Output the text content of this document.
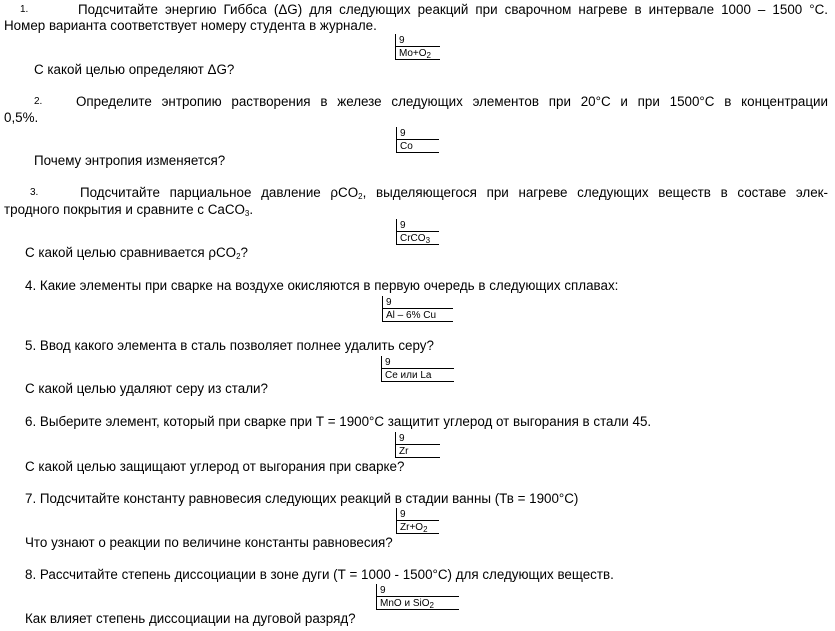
1.	Подсчитайте энергию Гиббса (ΔG) для следующих реакций при сварочном нагреве в интервале 1000 – 1500 °С.
Номер варианта соответствует номеру студента в журнале.
9
$Mo+O_2$
С какой целью определяют ΔG?
2.	Определите энтропию растворения в железе следующих элементов при 20°С и при 1500°С в концентрации
0,5%.
9
Co
Почему энтропия изменяется?
3.	Подсчитайте парциальное давление ρCO$_2$, выделяющегося при нагреве следующих веществ в составе элек-
тродного покрытия и сравните с CaCO$_3$.
9
CrCO$_3$
С какой целью сравнивается ρCO$_2$?
4. Какие элементы при сварке на воздухе окисляются в первую очередь в следующих сплавах:
9
Al – 6% Cu
5. Ввод какого элемента в сталь позволяет полнее удалить серу?
9
Ce или La
С какой целью удаляют серу из стали?
6. Выберите элемент, который при сварке при Т = 1900°С защитит углерод от выгорания в стали 45.
9
Zr
С какой целью защищают углерод от выгорания при сварке?
7. Подсчитайте константу равновесия следующих реакций в стадии ванны (Тв = 1900°С)
9
$Zr+O_2$
Что узнают о реакции по величине константы равновесия?
8. Рассчитайте степень диссоциации в зоне дуги (Т = 1000 - 1500°С) для следующих веществ.
9
MnO и SiO$_2$
Как влияет степень диссоциации на дуговой разряд?
